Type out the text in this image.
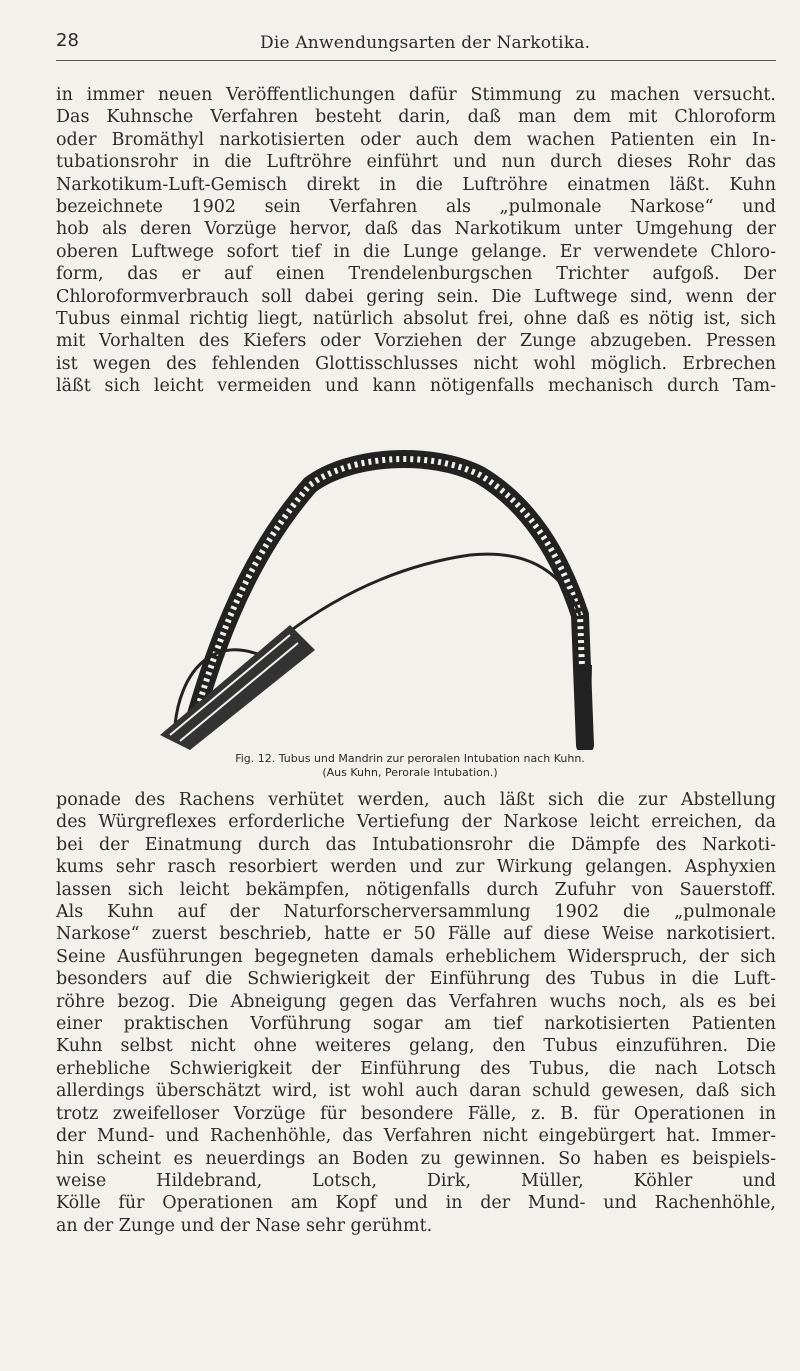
28	Die Anwendungsarten der Narkotika.
in immer neuen Veröffentlichungen dafür Stimmung zu machen versucht.
Das Kuhnsche Verfahren besteht darin, daß man dem mit Chloroform
oder Bromäthyl narkotisierten oder auch dem wachen Patienten ein In-
tubationsrohr in die Luftröhre einführt und nun durch dieses Rohr das
Narkotikum-Luft-Gemisch direkt in die Luftröhre einatmen läßt. Kuhn
bezeichnete 1902 sein Verfahren als „pulmonale Narkose“ und
hob als deren Vorzüge hervor, daß das Narkotikum unter Umgehung der
oberen Luftwege sofort tief in die Lunge gelange. Er verwendete Chloro-
form, das er auf einen Trendelenburgschen Trichter aufgoß. Der
Chloroformverbrauch soll dabei gering sein. Die Luftwege sind, wenn der
Tubus einmal richtig liegt, natürlich absolut frei, ohne daß es nötig ist, sich
mit Vorhalten des Kiefers oder Vorziehen der Zunge abzugeben. Pressen
ist wegen des fehlenden Glottisschlusses nicht wohl möglich. Erbrechen
läßt sich leicht vermeiden und kann nötigenfalls mechanisch durch Tam-
Fig. 12. Tubus und Mandrin zur peroralen Intubation nach Kuhn.
(Aus Kuhn, Perorale Intubation.)
ponade des Rachens verhütet werden, auch läßt sich die zur Abstellung
des Würgreflexes erforderliche Vertiefung der Narkose leicht erreichen, da
bei der Einatmung durch das Intubationsrohr die Dämpfe des Narkoti-
kums sehr rasch resorbiert werden und zur Wirkung gelangen. Asphyxien
lassen sich leicht bekämpfen, nötigenfalls durch Zufuhr von Sauerstoff.
Als Kuhn auf der Naturforscherversammlung 1902 die „pulmonale
Narkose“ zuerst beschrieb, hatte er 50 Fälle auf diese Weise narkotisiert.
Seine Ausführungen begegneten damals erheblichem Widerspruch, der sich
besonders auf die Schwierigkeit der Einführung des Tubus in die Luft-
röhre bezog. Die Abneigung gegen das Verfahren wuchs noch, als es bei
einer praktischen Vorführung sogar am tief narkotisierten Patienten
Kuhn selbst nicht ohne weiteres gelang, den Tubus einzuführen. Die
erhebliche Schwierigkeit der Einführung des Tubus, die nach Lotsch
allerdings überschätzt wird, ist wohl auch daran schuld gewesen, daß sich
trotz zweifelloser Vorzüge für besondere Fälle, z. B. für Operationen in
der Mund- und Rachenhöhle, das Verfahren nicht eingebürgert hat. Immer-
hin scheint es neuerdings an Boden zu gewinnen. So haben es beispiels-
weise Hildebrand, Lotsch, Dirk, Müller, Köhler und
Kölle für Operationen am Kopf und in der Mund- und Rachenhöhle,
an der Zunge und der Nase sehr gerühmt.
